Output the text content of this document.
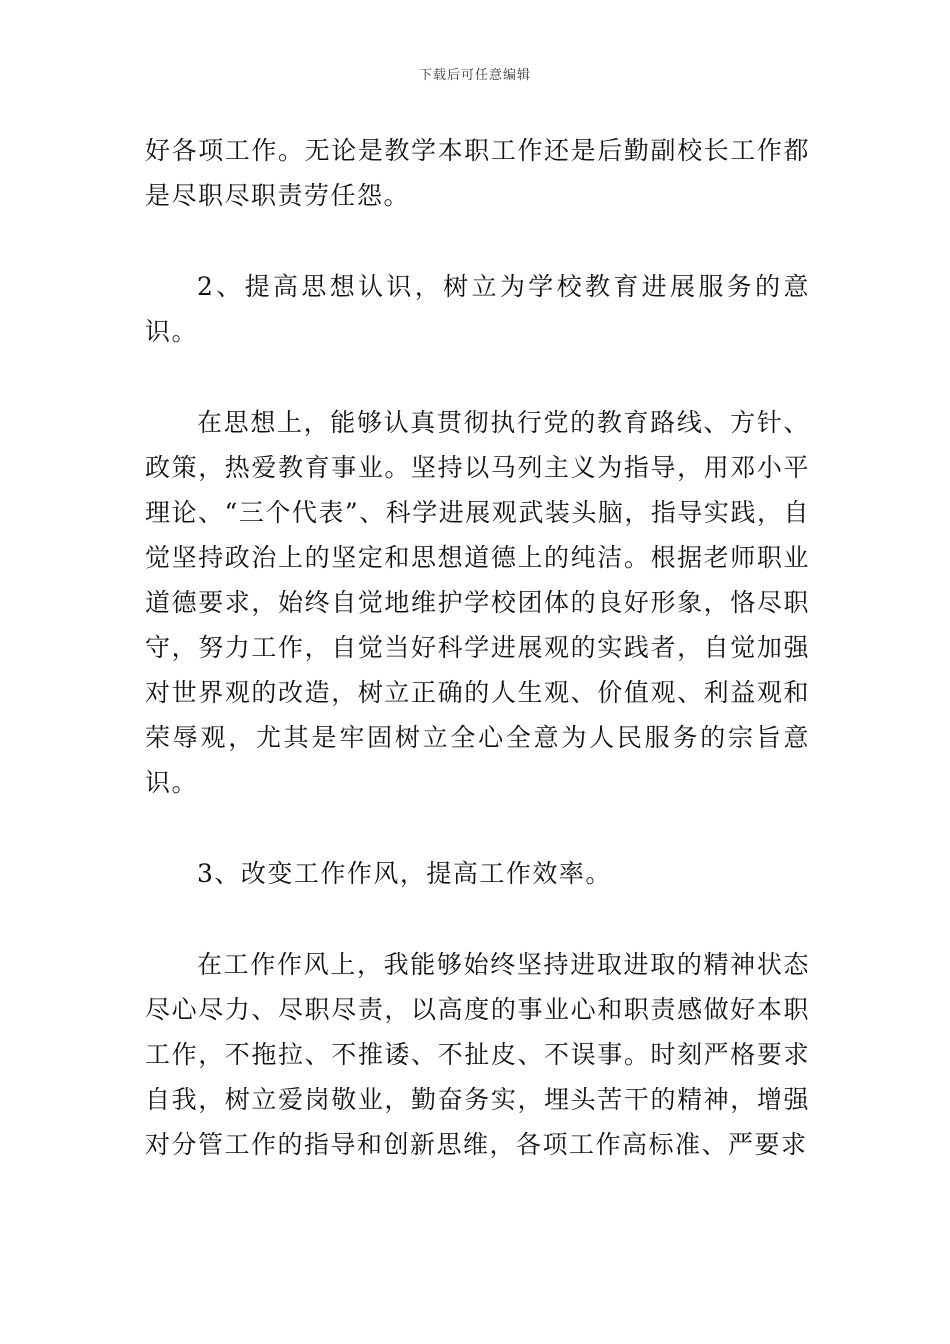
下载后可任意编辑

好各项工作。无论是教学本职工作还是后勤副校长工作都是尽职尽职责劳任怨。

2、提高思想认识，树立为学校教育进展服务的意识。

在思想上，能够认真贯彻执行党的教育路线、方针、政策，热爱教育事业。坚持以马列主义为指导，用邓小平理论、“三个代表”、科学进展观武装头脑，指导实践，自觉坚持政治上的坚定和思想道德上的纯洁。根据老师职业道德要求，始终自觉地维护学校团体的良好形象，恪尽职守，努力工作，自觉当好科学进展观的实践者，自觉加强对世界观的改造，树立正确的人生观、价值观、利益观和荣辱观，尤其是牢固树立全心全意为人民服务的宗旨意识。

3、改变工作作风，提高工作效率。

在工作作风上，我能够始终坚持进取进取的精神状态尽心尽力、尽职尽责，以高度的事业心和职责感做好本职工作，不拖拉、不推诿、不扯皮、不误事。时刻严格要求自我，树立爱岗敬业，勤奋务实，埋头苦干的精神，增强对分管工作的指导和创新思维，各项工作高标准、严要求
